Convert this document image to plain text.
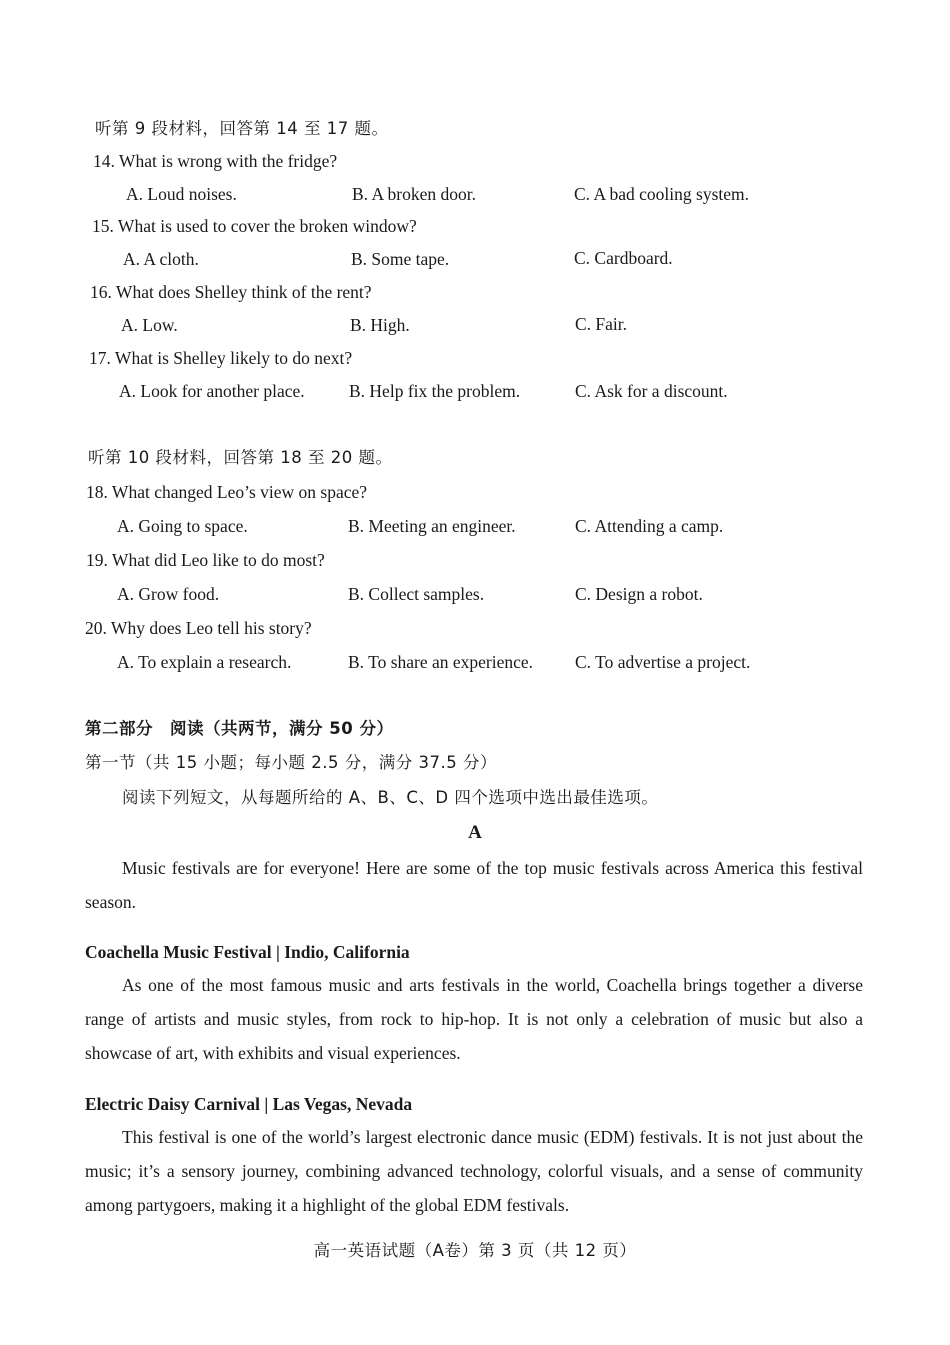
听第 9 段材料，回答第 14 至 17 题。
14. What is wrong with the fridge?
A. Loud noises.	B. A broken door.	C. A bad cooling system.
15. What is used to cover the broken window?
A. A cloth.	B. Some tape.	C. Cardboard.
16. What does Shelley think of the rent?
A. Low.	B. High.	C. Fair.
17. What is Shelley likely to do next?
A. Look for another place.	B. Help fix the problem.	C. Ask for a discount.
听第 10 段材料，回答第 18 至 20 题。
18. What changed Leo’s view on space?
A. Going to space.	B. Meeting an engineer.	C. Attending a camp.
19. What did Leo like to do most?
A. Grow food.	B. Collect samples.	C. Design a robot.
20. Why does Leo tell his story?
A. To explain a research.	B. To share an experience. C. To advertise a project.
第二部分　阅读（共两节，满分 50 分）
第一节（共 15 小题；每小题 2.5 分，满分 37.5 分）
阅读下列短文，从每题所给的 A、B、C、D 四个选项中选出最佳选项。
A
Music festivals are for everyone! Here are some of the top music festivals across America this festival season.
Coachella Music Festival | Indio, California
As one of the most famous music and arts festivals in the world, Coachella brings together a diverse range of artists and music styles, from rock to hip-hop. It is not only a celebration of music but also a showcase of art, with exhibits and visual experiences.
Electric Daisy Carnival | Las Vegas, Nevada
This festival is one of the world’s largest electronic dance music (EDM) festivals. It is not just about the music; it’s a sensory journey, combining advanced technology, colorful visuals, and a sense of community among partygoers, making it a highlight of the global EDM festivals.
高一英语试题（A卷）第 3 页（共 12 页）
